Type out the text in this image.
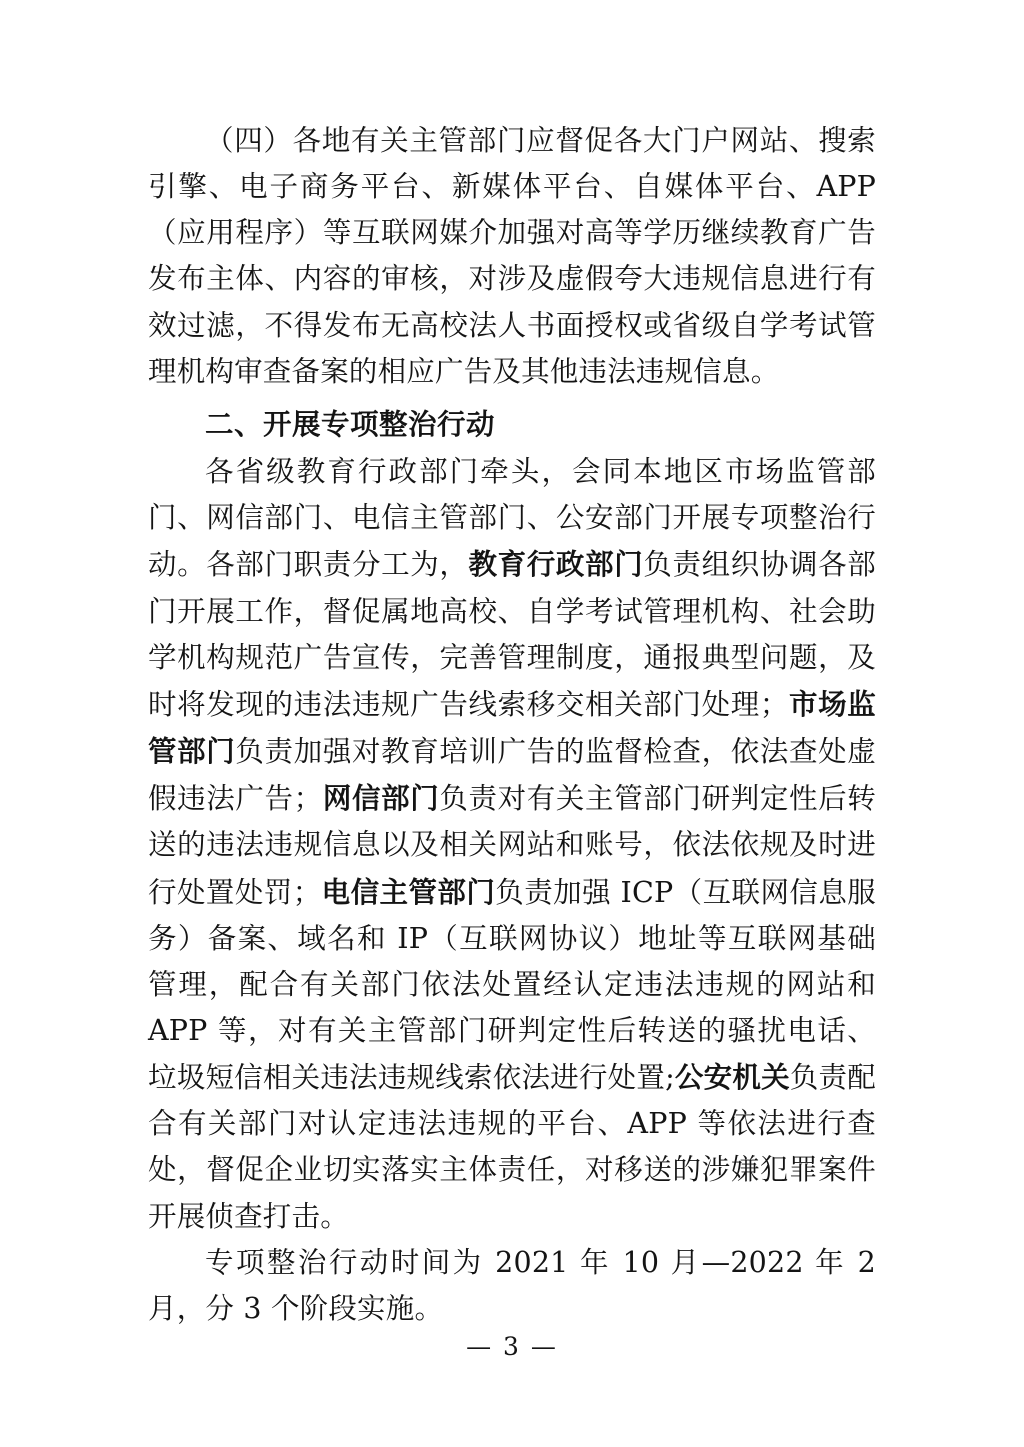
（四）各地有关主管部门应督促各大门户网站、搜索引擎、电子商务平台、新媒体平台、自媒体平台、APP（应用程序）等互联网媒介加强对高等学历继续教育广告发布主体、内容的审核，对涉及虚假夸大违规信息进行有效过滤，不得发布无高校法人书面授权或省级自学考试管理机构审查备案的相应广告及其他违法违规信息。

二、开展专项整治行动

各省级教育行政部门牵头，会同本地区市场监管部门、网信部门、电信主管部门、公安部门开展专项整治行动。各部门职责分工为，教育行政部门负责组织协调各部门开展工作，督促属地高校、自学考试管理机构、社会助学机构规范广告宣传，完善管理制度，通报典型问题，及时将发现的违法违规广告线索移交相关部门处理；市场监管部门负责加强对教育培训广告的监督检查，依法查处虚假违法广告；网信部门负责对有关主管部门研判定性后转送的违法违规信息以及相关网站和账号，依法依规及时进行处置处罚；电信主管部门负责加强 ICP（互联网信息服务）备案、域名和 IP（互联网协议）地址等互联网基础管理，配合有关部门依法处置经认定违法违规的网站和 APP 等，对有关主管部门研判定性后转送的骚扰电话、垃圾短信相关违法违规线索依法进行处置;公安机关负责配合有关部门对认定违法违规的平台、APP 等依法进行查处，督促企业切实落实主体责任，对移送的涉嫌犯罪案件开展侦查打击。

专项整治行动时间为 2021 年 10 月—2022 年 2 月，分 3 个阶段实施。

— 3 —
